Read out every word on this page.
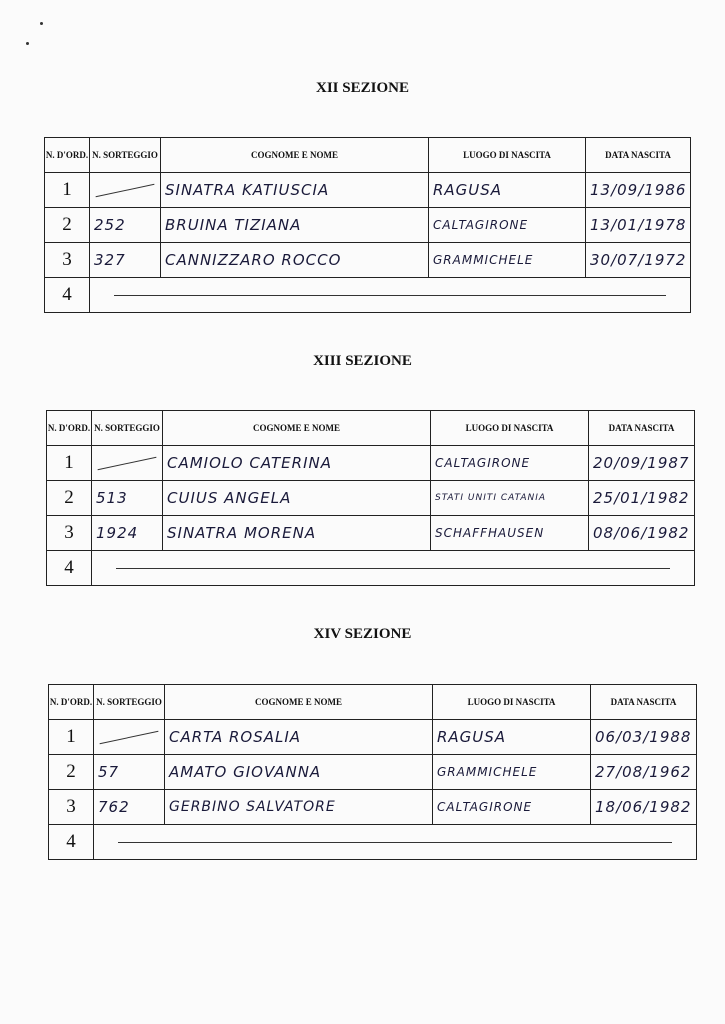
XII SEZIONE
N. D'ORD.	N. SORTEGGIO	COGNOME E NOME	LUOGO DI NASCITA	DATA NASCITA
1		SINATRA KATIUSCIA	RAGUSA	13/09/1986
2	252	BRUINA TIZIANA	CALTAGIRONE	13/01/1978
3	327	CANNIZZARO ROCCO	GRAMMICHELE	30/07/1972
4				
XIII SEZIONE
N. D'ORD.	N. SORTEGGIO	COGNOME E NOME	LUOGO DI NASCITA	DATA NASCITA
1		CAMIOLO CATERINA	CALTAGIRONE	20/09/1987
2	513	CUIUS ANGELA	STATI UNITI CATANIA	25/01/1982
3	1924	SINATRA MORENA	SCHAFFHAUSEN	08/06/1982
4				
XIV SEZIONE
N. D'ORD.	N. SORTEGGIO	COGNOME E NOME	LUOGO DI NASCITA	DATA NASCITA
1		CARTA ROSALIA	RAGUSA	06/03/1988
2	57	AMATO GIOVANNA	GRAMMICHELE	27/08/1962
3	762	GERBINO SALVATORE	CALTAGIRONE	18/06/1982
4				
